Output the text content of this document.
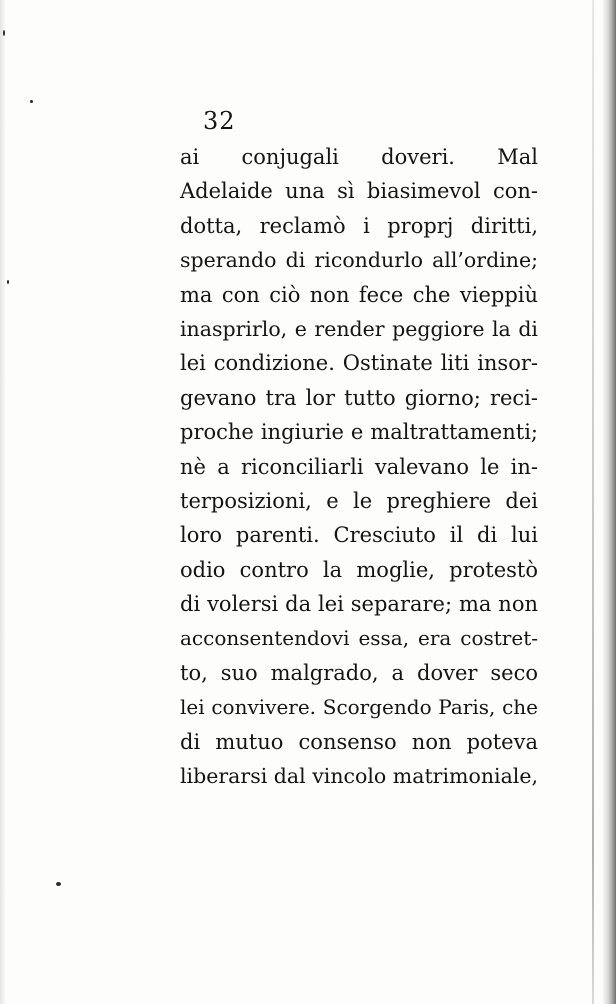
32
ai conjugali doveri. Mal
Adelaide una sì biasimevol con-
dotta, reclamò i proprj diritti,
sperando di ricondurlo all’ordine;
ma con ciò non fece che vieppiù
inasprirlo, e render peggiore la di
lei condizione. Ostinate liti insor-
gevano tra lor tutto giorno; reci-
proche ingiurie e maltrattamenti;
nè a riconciliarli valevano le in-
terposizioni, e le preghiere dei
loro parenti. Cresciuto il di lui
odio contro la moglie, protestò
di volersi da lei separare; ma non
acconsentendovi essa, era costret-
to, suo malgrado, a dover seco
lei convivere. Scorgendo Paris, che
di mutuo consenso non poteva
liberarsi dal vincolo matrimoniale,
